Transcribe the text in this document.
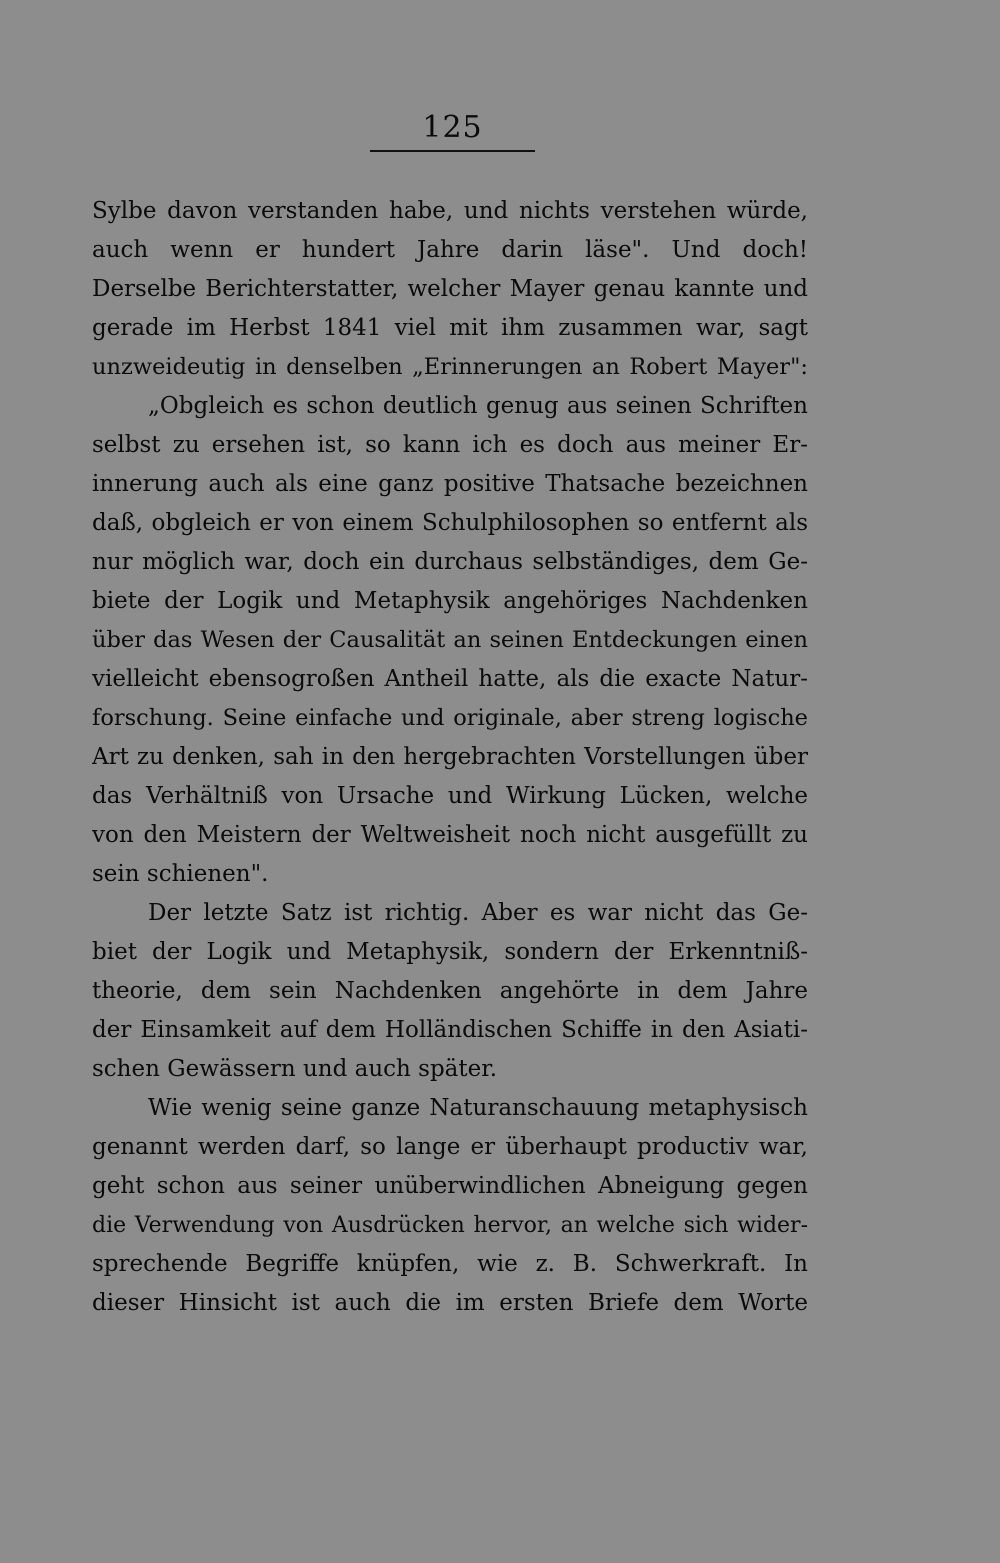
125
Sylbe davon verstanden habe, und nichts verstehen würde,
auch wenn er hundert Jahre darin läse". Und doch!
Derselbe Berichterstatter, welcher Mayer genau kannte und
gerade im Herbst 1841 viel mit ihm zusammen war, sagt
unzweideutig in denselben „Erinnerungen an Robert Mayer":
„Obgleich es schon deutlich genug aus seinen Schriften
selbst zu ersehen ist, so kann ich es doch aus meiner Er-
innerung auch als eine ganz positive Thatsache bezeichnen
daß, obgleich er von einem Schulphilosophen so entfernt als
nur möglich war, doch ein durchaus selbständiges, dem Ge-
biete der Logik und Metaphysik angehöriges Nachdenken
über das Wesen der Causalität an seinen Entdeckungen einen
vielleicht ebensogroßen Antheil hatte, als die exacte Natur-
forschung. Seine einfache und originale, aber streng logische
Art zu denken, sah in den hergebrachten Vorstellungen über
das Verhältniß von Ursache und Wirkung Lücken, welche
von den Meistern der Weltweisheit noch nicht ausgefüllt zu
sein schienen".
Der letzte Satz ist richtig. Aber es war nicht das Ge-
biet der Logik und Metaphysik, sondern der Erkenntniß-
theorie, dem sein Nachdenken angehörte in dem Jahre
der Einsamkeit auf dem Holländischen Schiffe in den Asiati-
schen Gewässern und auch später.
Wie wenig seine ganze Naturanschauung metaphysisch
genannt werden darf, so lange er überhaupt productiv war,
geht schon aus seiner unüberwindlichen Abneigung gegen
die Verwendung von Ausdrücken hervor, an welche sich wider-
sprechende Begriffe knüpfen, wie z. B. Schwerkraft. In
dieser Hinsicht ist auch die im ersten Briefe dem Worte
